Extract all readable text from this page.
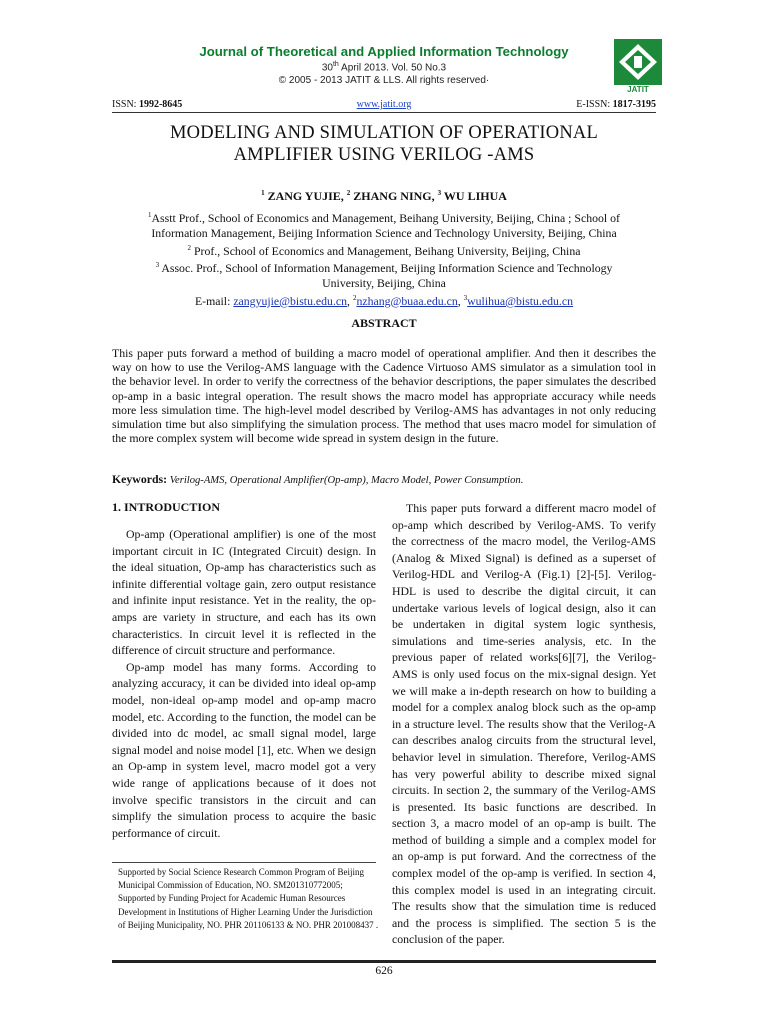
Journal of Theoretical and Applied Information Technology
30th April 2013. Vol. 50 No.3
© 2005 - 2013 JATIT & LLS. All rights reserved·
JATIT
ISSN: 1992-8645	www.jatit.org	E-ISSN: 1817-3195
MODELING AND SIMULATION OF OPERATIONAL
AMPLIFIER USING VERILOG -AMS
$^1$ ZANG YUJIE, $^2$ ZHANG NING, $^3$ WU LIHUA
$^1$Asstt Prof., School of Economics and Management, Beihang University, Beijing, China ; School of
Information Management, Beijing Information Science and Technology University, Beijing, China
$^2$ Prof., School of Economics and Management, Beihang University, Beijing, China
$^3$ Assoc. Prof., School of Information Management, Beijing Information Science and Technology
University, Beijing, China
E-mail: zangyujie@bistu.edu.cn, $^2$nzhang@buaa.edu.cn, $^3$wulihua@bistu.edu.cn
ABSTRACT
This paper puts forward a method of building a macro model of operational amplifier. And then it describes the way on how to use the Verilog-AMS language with the Cadence Virtuoso AMS simulator as a simulation tool in the behavior level. In order to verify the correctness of the behavior descriptions, the paper simulates the described op-amp in a basic integral operation. The result shows the macro model has appropriate accuracy while needs more less simulation time. The high-level model described by Verilog-AMS has advantages in not only reducing simulation time but also simplifying the simulation process. The method that uses macro model for simulation of the more complex system will become wide spread in system design in the future.
Keywords: Verilog-AMS, Operational Amplifier(Op-amp), Macro Model, Power Consumption.
1. INTRODUCTION

Op-amp (Operational amplifier) is one of the most important circuit in IC (Integrated Circuit) design. In the ideal situation, Op-amp has characteristics such as infinite differential voltage gain, zero output resistance and infinite input resistance. Yet in the reality, the op-amps are variety in structure, and each has its own characteristics. In circuit level it is reflected in the difference of circuit structure and performance.

Op-amp model has many forms. According to analyzing accuracy, it can be divided into ideal op-amp model, non-ideal op-amp model and op-amp macro model, etc. According to the function, the model can be divided into dc model, ac small signal model, large signal model and noise model [1], etc. When we design an Op-amp in system level, macro model got a very wide range of applications because of it does not involve specific transistors in the circuit and can simplify the simulation process to acquire the basic performance of circuit.

Supported by Social Science Research Common Program of Beijing Municipal Commission of Education, NO. SM201310772005; Supported by Funding Project for Academic Human Resources Development in Institutions of Higher Learning Under the Jurisdiction of Beijing Municipality, NO. PHR 201106133 & NO. PHR 201008437 .

This paper puts forward a different macro model of op-amp which described by Verilog-AMS. To verify the correctness of the macro model, the Verilog-AMS (Analog & Mixed Signal) is defined as a superset of Verilog-HDL and Verilog-A (Fig.1) [2]-[5]. Verilog-HDL is used to describe the digital circuit, it can undertake various levels of logical design, also it can be undertaken in digital system logic synthesis, simulations and time-series analysis, etc. In the previous paper of related works[6][7], the Verilog-AMS is only used focus on the mix-signal design. Yet we will make a in-depth research on how to building a model for a complex analog block such as the op-amp in a structure level. The results show that the Verilog-A can describes analog circuits from the structural level, behavior level in simulation. Therefore, Verilog-AMS has very powerful ability to describe mixed signal circuits. In section 2, the summary of the Verilog-AMS is presented. Its basic functions are described. In section 3, a macro model of an op-amp is built. The method of building a simple and a complex model for an op-amp is put forward. And the correctness of the complex model of the op-amp is verified. In section 4, this complex model is used in an integrating circuit. The results show that the simulation time is reduced and the process is simplified. The section 5 is the conclusion of the paper.

626
